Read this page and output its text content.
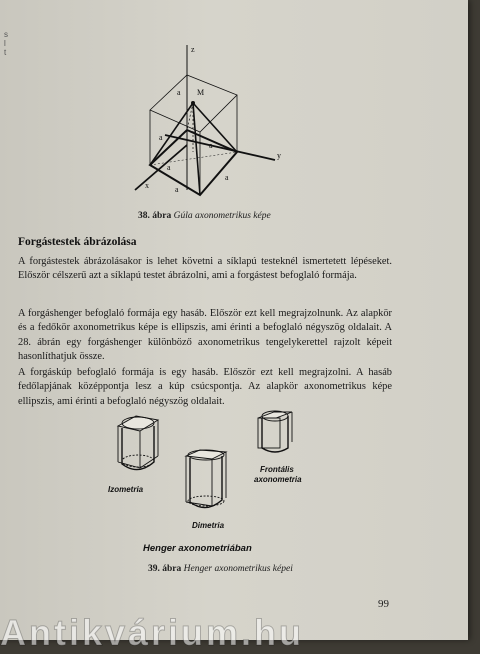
s
l
t	z
y
x
M
a
a
a
a
a
a
38. ábra Gúla axonometrikus képe
Forgástestek ábrázolása

A forgástestek ábrázolásakor is lehet követni a síklapú testeknél ismertetett lépéseket. Először célszerű azt a síklapú testet ábrázolni, ami a forgástest befoglaló formája.

A forgáshenger befoglaló formája egy hasáb. Először ezt kell megrajzolnunk. Az alapkör és a fedőkör axonometrikus képe is ellipszis, ami érinti a befoglaló négyszög oldalait. A 28. ábrán egy forgáshenger különböző axonometrikus tengelykerettel rajzolt képeit hasonlíthatjuk össze.

A forgáskúp befoglaló formája is egy hasáb. Először ezt kell megrajzolni. A hasáb fedőlapjának középpontja lesz a kúp csúcspontja. Az alapkör axonometrikus képe ellipszis, ami érinti a befoglaló négyszög oldalait.

Izometria
Dimetria
Frontális
axonometria
Henger axonometriában
39. ábra Henger axonometrikus képei
99
Antikvárium.hu
